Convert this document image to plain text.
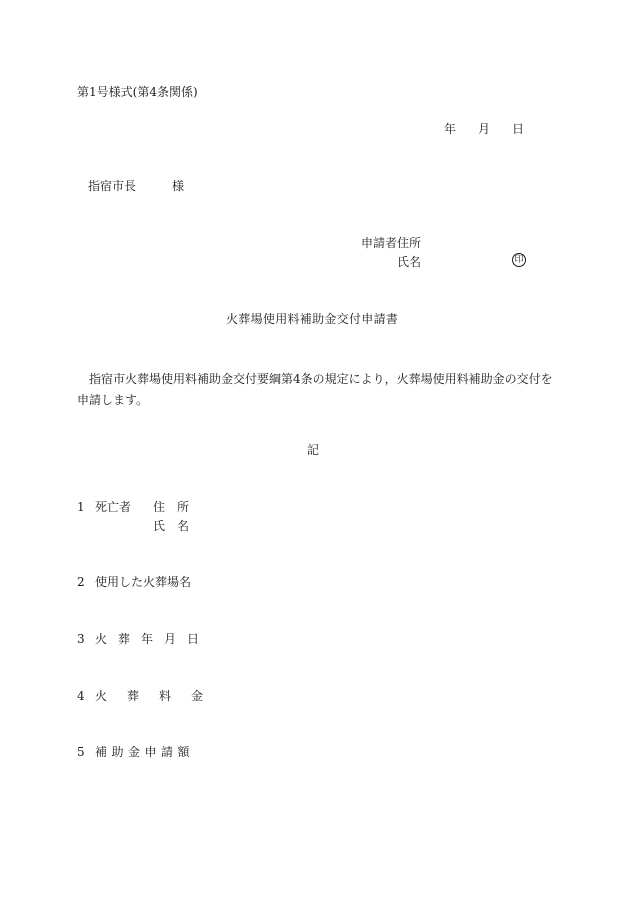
第1号様式(第4条関係)
年 月 日
指宿市長	様
申請者住所
氏名	印
火葬場使用料補助金交付申請書
指宿市火葬場使用料補助金交付要綱第4条の規定により，火葬場使用料補助金の交付を申請します。
記
1 死亡者 住所
氏名
2 使用した火葬場名
3 火葬年月日
4 火葬料金
5 補助金申請額
